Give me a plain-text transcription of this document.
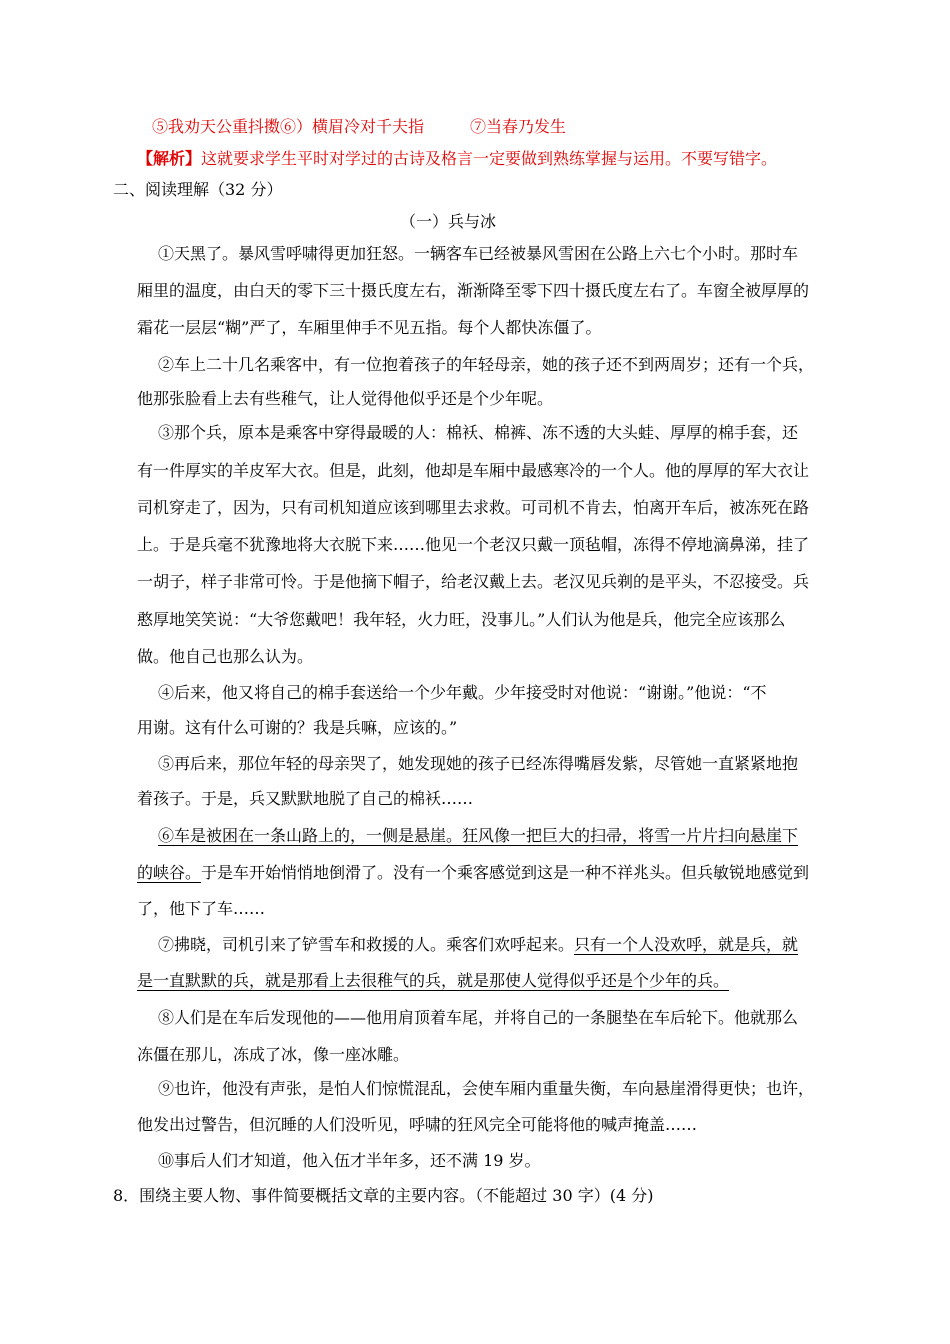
⑤我劝天公重抖擞⑥）横眉冷对千夫指	⑦当春乃发生
【解析】这就要求学生平时对学过的古诗及格言一定要做到熟练掌握与运用。不要写错字。
二、阅读理解（32 分）
（一）兵与冰
①天黑了。暴风雪呼啸得更加狂怒。一辆客车已经被暴风雪困在公路上六七个小时。那时车
厢里的温度，由白天的零下三十摄氏度左右，渐渐降至零下四十摄氏度左右了。车窗全被厚厚的
霜花一层层“糊”严了，车厢里伸手不见五指。每个人都快冻僵了。
②车上二十几名乘客中，有一位抱着孩子的年轻母亲，她的孩子还不到两周岁；还有一个兵，
他那张脸看上去有些稚气，让人觉得他似乎还是个少年呢。
③那个兵，原本是乘客中穿得最暖的人：棉袄、棉裤、冻不透的大头蛙、厚厚的棉手套，还
有一件厚实的羊皮军大衣。但是，此刻，他却是车厢中最感寒冷的一个人。他的厚厚的军大衣让
司机穿走了，因为，只有司机知道应该到哪里去求救。可司机不肯去，怕离开车后，被冻死在路
上。于是兵毫不犹豫地将大衣脱下来……他见一个老汉只戴一顶毡帽，冻得不停地滴鼻涕，挂了
一胡子，样子非常可怜。于是他摘下帽子，给老汉戴上去。老汉见兵剃的是平头，不忍接受。兵
憨厚地笑笑说：“大爷您戴吧！我年轻，火力旺，没事儿。”人们认为他是兵，他完全应该那么
做。他自己也那么认为。
④后来，他又将自己的棉手套送给一个少年戴。少年接受时对他说：“谢谢。”他说：“不
用谢。这有什么可谢的？我是兵嘛，应该的。”
⑤再后来，那位年轻的母亲哭了，她发现她的孩子已经冻得嘴唇发紫，尽管她一直紧紧地抱
着孩子。于是，兵又默默地脱了自己的棉袄……
⑥车是被困在一条山路上的，一侧是悬崖。狂风像一把巨大的扫帚，将雪一片片扫向悬崖下
的峡谷。于是车开始悄悄地倒滑了。没有一个乘客感觉到这是一种不祥兆头。但兵敏锐地感觉到
了，他下了车……
⑦拂晓，司机引来了铲雪车和救援的人。乘客们欢呼起来。只有一个人没欢呼，就是兵，就
是一直默默的兵，就是那看上去很稚气的兵，就是那使人觉得似乎还是个少年的兵。
⑧人们是在车后发现他的——他用肩顶着车尾，并将自己的一条腿垫在车后轮下。他就那么
冻僵在那儿，冻成了冰，像一座冰雕。
⑨也许，他没有声张，是怕人们惊慌混乱，会使车厢内重量失衡，车向悬崖滑得更快；也许，
他发出过警告，但沉睡的人们没听见，呼啸的狂风完全可能将他的喊声掩盖……
⑩事后人们才知道，他入伍才半年多，还不满 19 岁。
8．围绕主要人物、事件简要概括文章的主要内容。（不能超过 30 字）(4 分)
